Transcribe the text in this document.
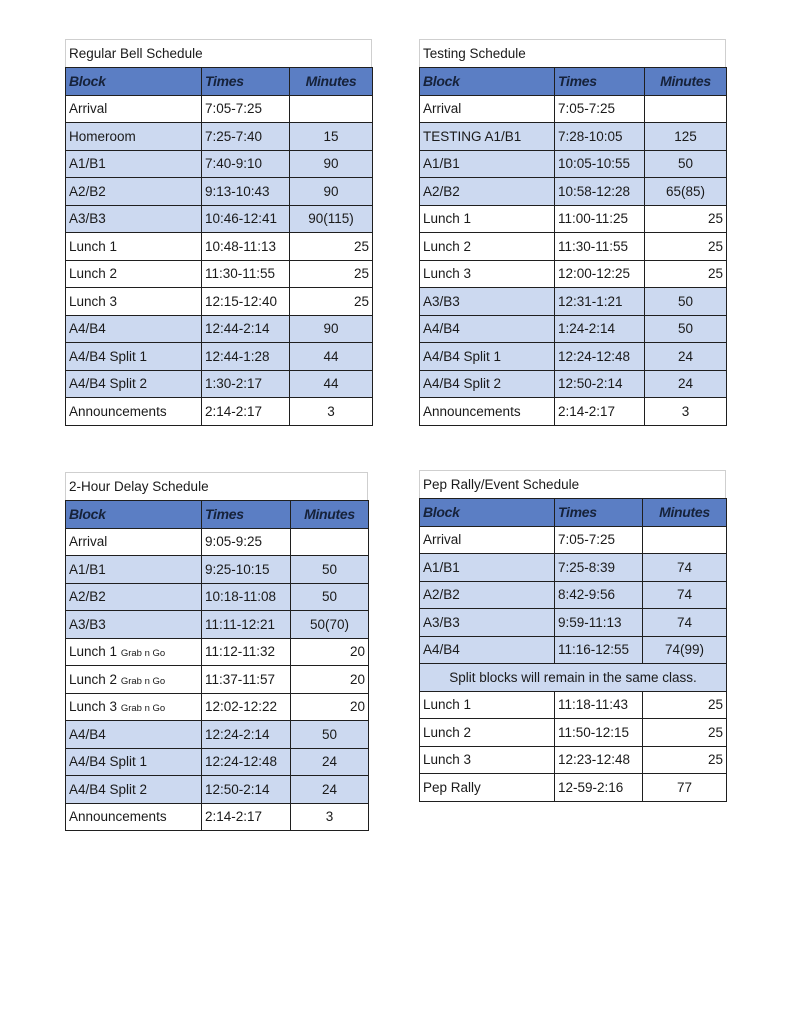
Regular Bell Schedule
Block	Times	Minutes
Arrival	7:05-7:25	
Homeroom	7:25-7:40	15
A1/B1	7:40-9:10	90
A2/B2	9:13-10:43	90
A3/B3	10:46-12:41	90(115)
Lunch 1	10:48-11:13	25
Lunch 2	11:30-11:55	25
Lunch 3	12:15-12:40	25
A4/B4	12:44-2:14	90
A4/B4 Split 1	12:44-1:28	44
A4/B4 Split 2	1:30-2:17	44
Announcements	2:14-2:17	3
Testing Schedule
Block	Times	Minutes
Arrival	7:05-7:25	
TESTING A1/B1	7:28-10:05	125
A1/B1	10:05-10:55	50
A2/B2	10:58-12:28	65(85)
Lunch 1	11:00-11:25	25
Lunch 2	11:30-11:55	25
Lunch 3	12:00-12:25	25
A3/B3	12:31-1:21	50
A4/B4	1:24-2:14	50
A4/B4 Split 1	12:24-12:48	24
A4/B4 Split 2	12:50-2:14	24
Announcements	2:14-2:17	3
2-Hour Delay Schedule
Block	Times	Minutes
Arrival	9:05-9:25	
A1/B1	9:25-10:15	50
A2/B2	10:18-11:08	50
A3/B3	11:11-12:21	50(70)
Lunch 1 Grab n Go	11:12-11:32	20
Lunch 2 Grab n Go	11:37-11:57	20
Lunch 3 Grab n Go	12:02-12:22	20
A4/B4	12:24-2:14	50
A4/B4 Split 1	12:24-12:48	24
A4/B4 Split 2	12:50-2:14	24
Announcements	2:14-2:17	3
Pep Rally/Event Schedule
Block	Times	Minutes
Arrival	7:05-7:25	
A1/B1	7:25-8:39	74
A2/B2	8:42-9:56	74
A3/B3	9:59-11:13	74
A4/B4	11:16-12:55	74(99)
Split blocks will remain in the same class.		
Lunch 1	11:18-11:43	25
Lunch 2	11:50-12:15	25
Lunch 3	12:23-12:48	25
Pep Rally	12-59-2:16	77
